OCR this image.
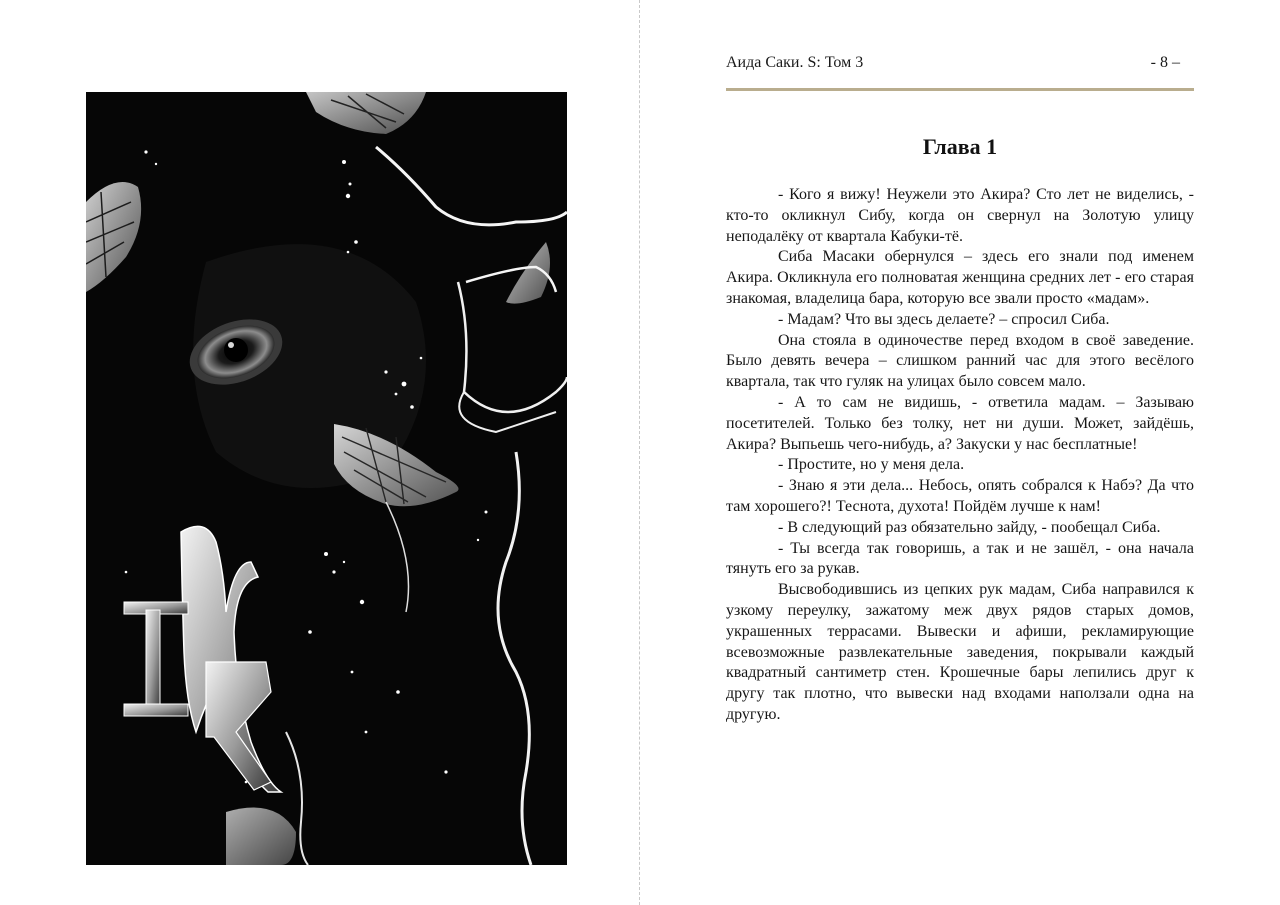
Аида Саки. S: Том 3	- 8 –
Глава 1

- Кого я вижу! Неужели это Акира? Сто лет не виделись, - кто-то окликнул Сибу, когда он свернул на Золотую улицу неподалёку от квартала Кабуки-тё.

Сиба Масаки обернулся – здесь его знали под именем Акира. Окликнула его полноватая женщина средних лет - его старая знакомая, владелица бара, которую все звали просто «мадам».

- Мадам? Что вы здесь делаете? – спросил Сиба.

Она стояла в одиночестве перед входом в своё заведение. Было девять вечера – слишком ранний час для этого весёлого квартала, так что гуляк на улицах было совсем мало.

- А то сам не видишь, - ответила мадам. – Зазываю посетителей. Только без толку, нет ни души. Может, зайдёшь, Акира? Выпьешь чего-нибудь, а? Закуски у нас бесплатные!

- Простите, но у меня дела.

- Знаю я эти дела... Небось, опять собрался к Набэ? Да что там хорошего?! Теснота, духота! Пойдём лучше к нам!

- В следующий раз обязательно зайду, - пообещал Сиба.

- Ты всегда так говоришь, а так и не зашёл, - она начала тянуть его за рукав.

Высвободившись из цепких рук мадам, Сиба направился к узкому переулку, зажатому меж двух рядов старых домов, украшенных террасами. Вывески и афиши, рекламирующие всевозможные развлекательные заведения, покрывали каждый квадратный сантиметр стен. Крошечные бары лепились друг к другу так плотно, что вывески над входами наползали одна на другую.
